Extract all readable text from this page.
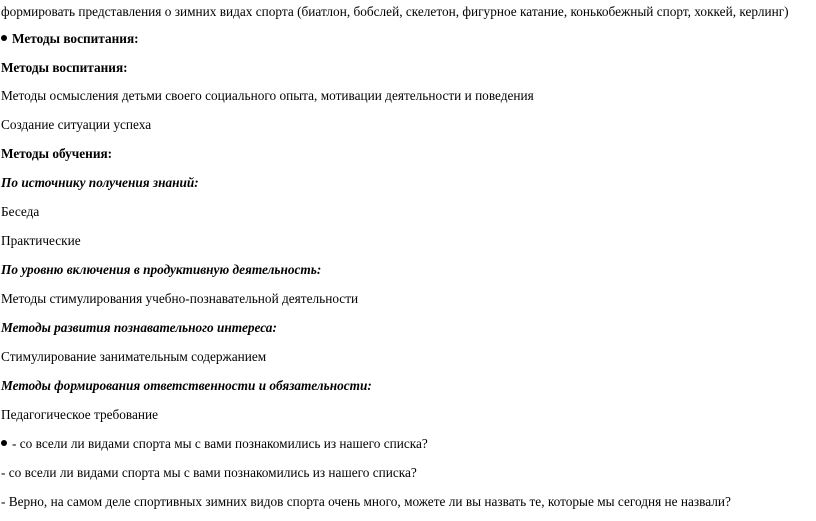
формировать представления о зимних видах спорта (биатлон, бобслей, скелетон, фигурное катание, конькобежный спорт, хоккей, керлинг)
Методы воспитания:
Методы воспитания:
Методы осмысления детьми своего социального опыта, мотивации деятельности и поведения
Создание ситуации успеха
Методы обучения:
По источнику получения знаний:
Беседа
Практические
По уровню включения в продуктивную деятельность:
Методы стимулирования учебно-познавательной деятельности
Методы развития познавательного интереса:
Стимулирование занимательным содержанием
Методы формирования ответственности и обязательности:
Педагогическое требование
- со всели ли видами спорта мы с вами познакомились из нашего списка?
- со всели ли видами спорта мы с вами познакомились из нашего списка?
- Верно, на самом деле спортивных зимних видов спорта очень много, можете ли вы назвать те, которые мы сегодня не назвали?
